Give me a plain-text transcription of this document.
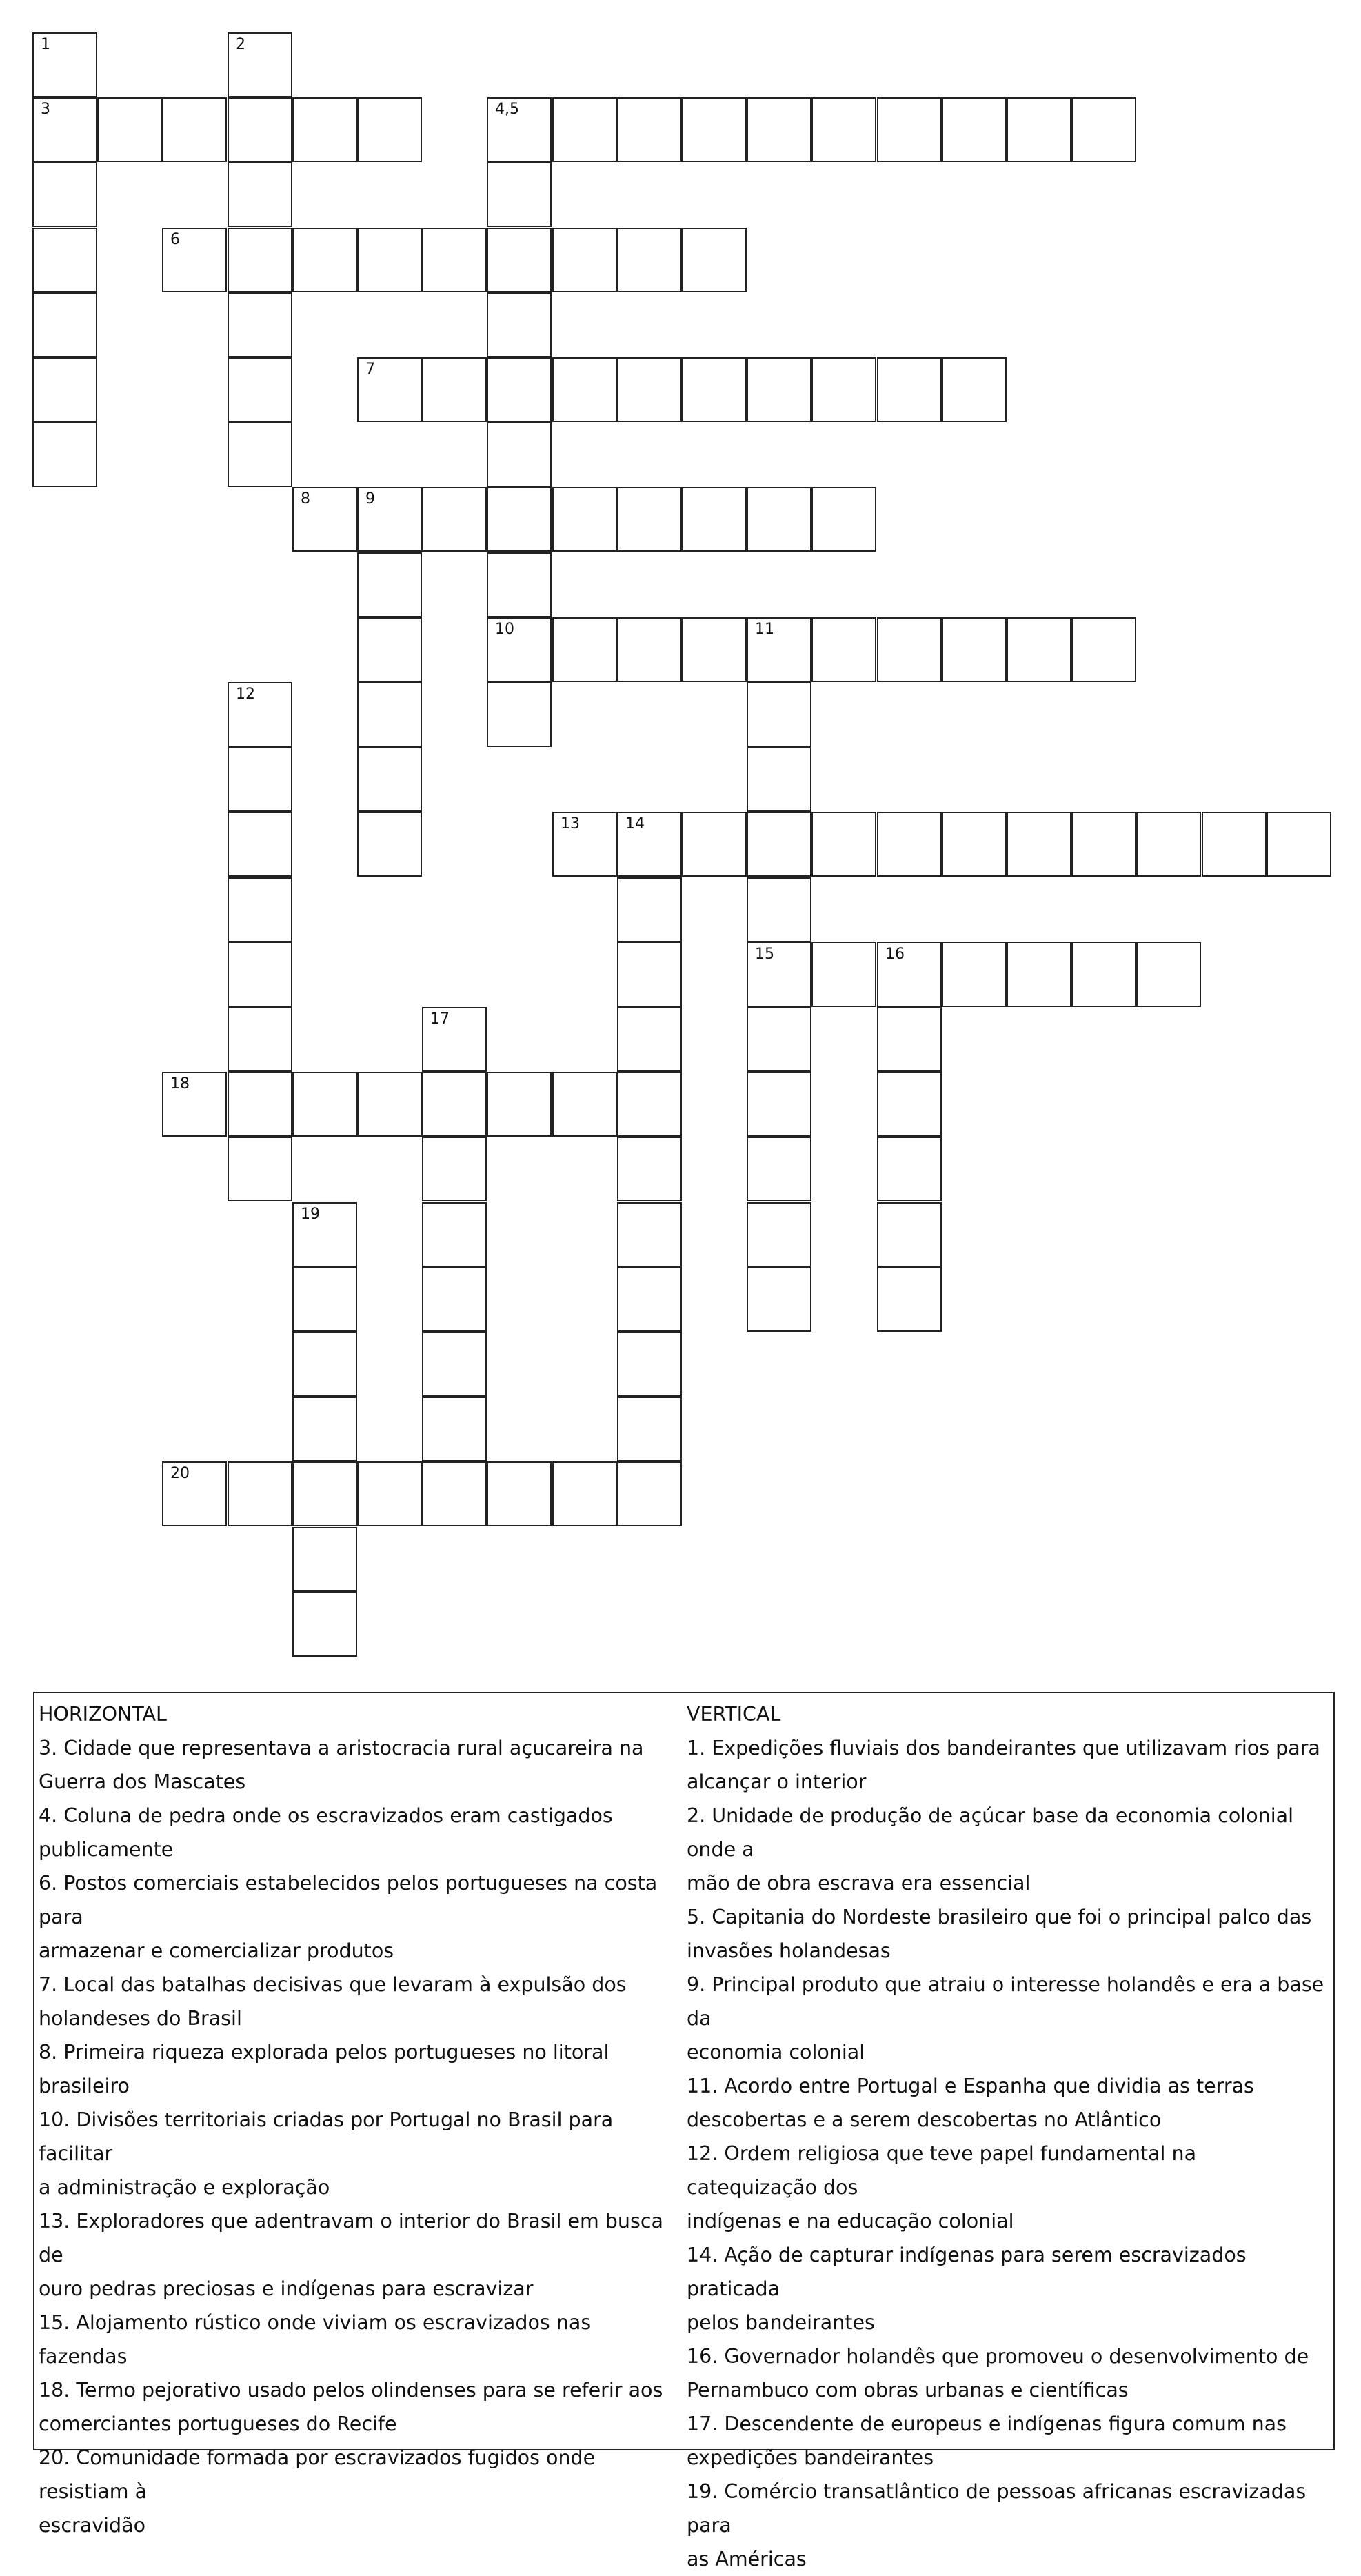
1	2
3	4,5
6
7
8	9
10	11
12
13	14
15	16
17
18
19
20
HORIZONTAL
3. Cidade que representava a aristocracia rural açucareira na
Guerra dos Mascates
4. Coluna de pedra onde os escravizados eram castigados
publicamente
6. Postos comerciais estabelecidos pelos portugueses na costa para
armazenar e comercializar produtos
7. Local das batalhas decisivas que levaram à expulsão dos
holandeses do Brasil
8. Primeira riqueza explorada pelos portugueses no litoral brasileiro
10. Divisões territoriais criadas por Portugal no Brasil para facilitar
a administração e exploração
13. Exploradores que adentravam o interior do Brasil em busca de
ouro pedras preciosas e indígenas para escravizar
15. Alojamento rústico onde viviam os escravizados nas fazendas
18. Termo pejorativo usado pelos olindenses para se referir aos
comerciantes portugueses do Recife
20. Comunidade formada por escravizados fugidos onde resistiam à
escravidão
VERTICAL
1. Expedições fluviais dos bandeirantes que utilizavam rios para
alcançar o interior
2. Unidade de produção de açúcar base da economia colonial onde a
mão de obra escrava era essencial
5. Capitania do Nordeste brasileiro que foi o principal palco das
invasões holandesas
9. Principal produto que atraiu o interesse holandês e era a base da
economia colonial
11. Acordo entre Portugal e Espanha que dividia as terras
descobertas e a serem descobertas no Atlântico
12. Ordem religiosa que teve papel fundamental na catequização dos
indígenas e na educação colonial
14. Ação de capturar indígenas para serem escravizados praticada
pelos bandeirantes
16. Governador holandês que promoveu o desenvolvimento de
Pernambuco com obras urbanas e científicas
17. Descendente de europeus e indígenas figura comum nas
expedições bandeirantes
19. Comércio transatlântico de pessoas africanas escravizadas para
as Américas
